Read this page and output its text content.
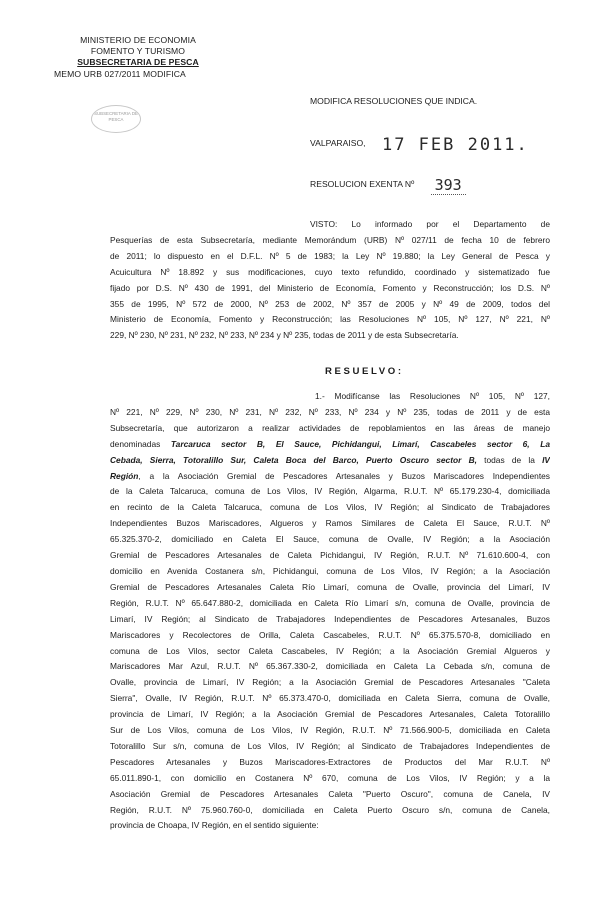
MINISTERIO DE ECONOMIA
FOMENTO Y TURISMO
SUBSECRETARIA DE PESCA
MEMO URB 027/2011 MODIFICA
SUBSECRETARIA DE PESCA
MODIFICA RESOLUCIONES QUE INDICA.
VALPARAISO, 17 FEB 2011.
RESOLUCION EXENTA Nº 393
VISTO: Lo informado por el Departamento de
Pesquerías de esta Subsecretaría, mediante Memorándum (URB) Nº 027/11 de fecha 10 de febrero
de 2011; lo dispuesto en el D.F.L. Nº 5 de 1983; la Ley Nº 19.880; la Ley General de Pesca y
Acuicultura Nº 18.892 y sus modificaciones, cuyo texto refundido, coordinado y sistematizado fue
fijado por D.S. Nº 430 de 1991, del Ministerio de Economía, Fomento y Reconstrucción; los D.S. Nº
355 de 1995, Nº 572 de 2000, Nº 253 de 2002, Nº 357 de 2005 y Nº 49 de 2009, todos del
Ministerio de Economía, Fomento y Reconstrucción; las Resoluciones Nº 105, Nº 127, Nº 221, Nº
229, Nº 230, Nº 231, Nº 232, Nº 233, Nº 234 y Nº 235, todas de 2011 y de esta Subsecretaría.
RESUELVO:
1.- Modifícanse las Resoluciones Nº 105, Nº 127,
Nº 221, Nº 229, Nº 230, Nº 231, Nº 232, Nº 233, Nº 234 y Nº 235, todas de 2011 y de esta
Subsecretaría, que autorizaron a realizar actividades de repoblamientos en las áreas de manejo
denominadas Tarcaruca sector B, El Sauce, Pichidangui, Limarí, Cascabeles sector 6, La
Cebada, Sierra, Totoralillo Sur, Caleta Boca del Barco, Puerto Oscuro sector B, todas de la IV
Región, a la Asociación Gremial de Pescadores Artesanales y Buzos Mariscadores Independientes
de la Caleta Talcaruca, comuna de Los Vilos, IV Región, Algarma, R.U.T. Nº 65.179.230-4, domiciliada
en recinto de la Caleta Talcaruca, comuna de Los Vilos, IV Región; al Sindicato de Trabajadores
Independientes Buzos Mariscadores, Algueros y Ramos Similares de Caleta El Sauce, R.U.T. Nº
65.325.370-2, domiciliado en Caleta El Sauce, comuna de Ovalle, IV Región; a la Asociación
Gremial de Pescadores Artesanales de Caleta Pichidangui, IV Región, R.U.T. Nº 71.610.600-4, con
domicilio en Avenida Costanera s/n, Pichidangui, comuna de Los Vilos, IV Región; a la Asociación
Gremial de Pescadores Artesanales Caleta Río Limarí, comuna de Ovalle, provincia del Limarí, IV
Región, R.U.T. Nº 65.647.880-2, domiciliada en Caleta Río Limarí s/n, comuna de Ovalle, provincia de
Limarí, IV Región; al Sindicato de Trabajadores Independientes de Pescadores Artesanales, Buzos
Mariscadores y Recolectores de Orilla, Caleta Cascabeles, R.U.T. Nº 65.375.570-8, domiciliado en
comuna de Los Vilos, sector Caleta Cascabeles, IV Región; a la Asociación Gremial Algueros y
Mariscadores Mar Azul, R.U.T. Nº 65.367.330-2, domiciliada en Caleta La Cebada s/n, comuna de
Ovalle, provincia de Limarí, IV Región; a la Asociación Gremial de Pescadores Artesanales "Caleta
Sierra", Ovalle, IV Región, R.U.T. Nº 65.373.470-0, domiciliada en Caleta Sierra, comuna de Ovalle,
provincia de Limarí, IV Región; a la Asociación Gremial de Pescadores Artesanales, Caleta Totoralillo
Sur de Los Vilos, comuna de Los Vilos, IV Región, R.U.T. Nº 71.566.900-5, domiciliada en Caleta
Totoralillo Sur s/n, comuna de Los Vilos, IV Región; al Sindicato de Trabajadores Independientes de
Pescadores Artesanales y Buzos Mariscadores-Extractores de Productos del Mar R.U.T. Nº
65.011.890-1, con domicilio en Costanera Nº 670, comuna de Los Vilos, IV Región; y a la
Asociación Gremial de Pescadores Artesanales Caleta "Puerto Oscuro", comuna de Canela, IV
Región, R.U.T. Nº 75.960.760-0, domiciliada en Caleta Puerto Oscuro s/n, comuna de Canela,
provincia de Choapa, IV Región, en el sentido siguiente:
